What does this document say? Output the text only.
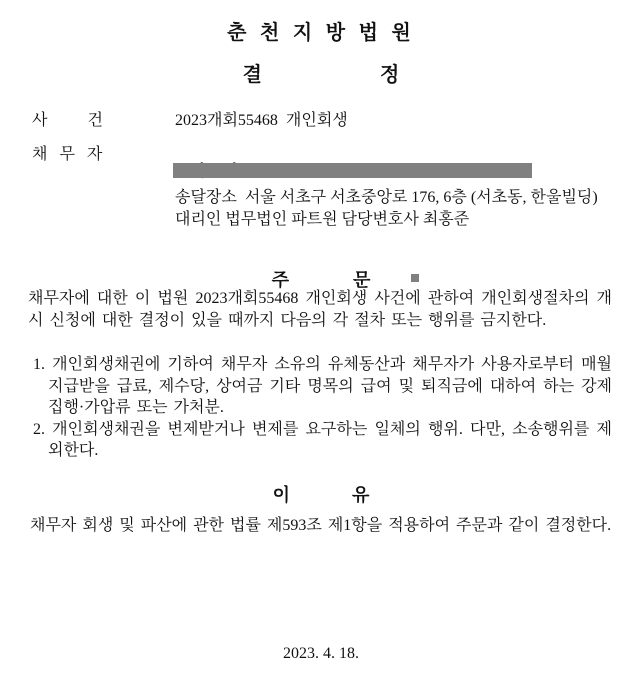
춘 천 지 방 법 원
결	정
사          건	2023개회55468  개인회생
채   무   자

송달장소  서울 서초구 서초중앙로 176, 6층 (서초동, 한울빌딩)
대리인 법무법인 파트원 담당변호사 최홍준
주	문
채무자에 대한 이 법원 2023개회55468 개인회생 사건에 관하여 개인회생절차의 개시 신청에 대한 결정이 있을 때까지 다음의 각 절차 또는 행위를 금지한다.
1. 개인회생채권에 기하여 채무자 소유의 유체동산과 채무자가 사용자로부터 매월 지급받을 급료, 제수당, 상여금 기타 명목의 급여 및 퇴직금에 대하여 하는 강제집행·가압류 또는 가처분.
2. 개인회생채권을 변제받거나 변제를 요구하는 일체의 행위. 다만, 소송행위를 제외한다.
이	유
채무자 회생 및 파산에 관한 법률 제593조 제1항을 적용하여 주문과 같이 결정한다.
2023. 4. 18.
